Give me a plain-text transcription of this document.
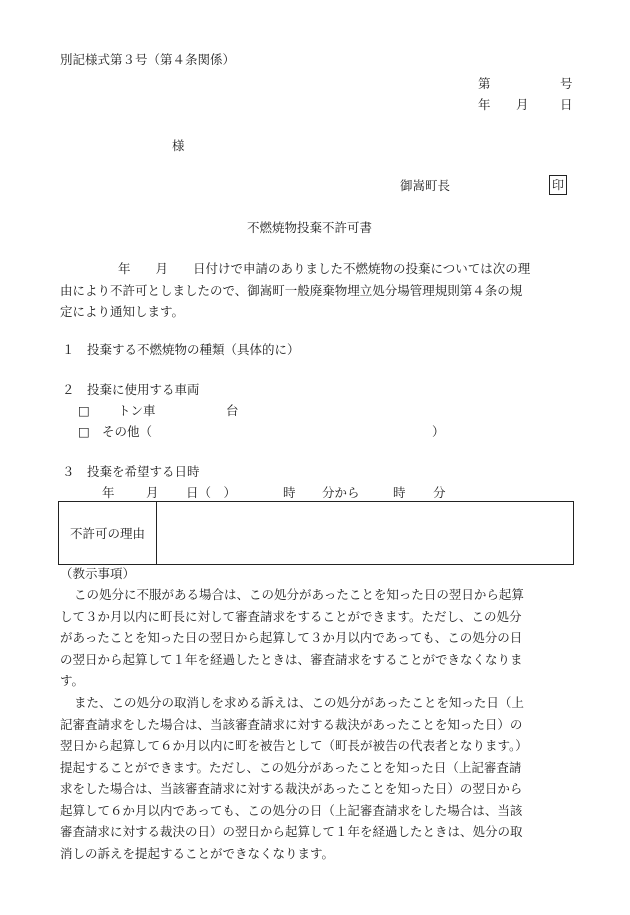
別記様式第３号（第４条関係）
第	号
年 月	日
様
御嵩町長	印
不燃焼物投棄不許可書
年　　月　　日付けで申請のありました不燃焼物の投棄については次の理
由により不許可としましたので、御嵩町一般廃棄物埋立処分場管理規則第４条の規
定により通知します。
１　投棄する不燃焼物の種類（具体的に）
２　投棄に使用する車両
□ トン車	台
□ その他（	）
３　投棄を希望する日時
年	月 日（　）	時 分から	時 分
不許可の理由
（教示事項）
この処分に不服がある場合は、この処分があったことを知った日の翌日から起算
して３か月以内に町長に対して審査請求をすることができます。ただし、この処分
があったことを知った日の翌日から起算して３か月以内であっても、この処分の日
の翌日から起算して１年を経過したときは、審査請求をすることができなくなりま
す。
また、この処分の取消しを求める訴えは、この処分があったことを知った日（上
記審査請求をした場合は、当該審査請求に対する裁決があったことを知った日）の
翌日から起算して６か月以内に町を被告として（町長が被告の代表者となります。）
提起することができます。ただし、この処分があったことを知った日（上記審査請
求をした場合は、当該審査請求に対する裁決があったことを知った日）の翌日から
起算して６か月以内であっても、この処分の日（上記審査請求をした場合は、当該
審査請求に対する裁決の日）の翌日から起算して１年を経過したときは、処分の取
消しの訴えを提起することができなくなります。
